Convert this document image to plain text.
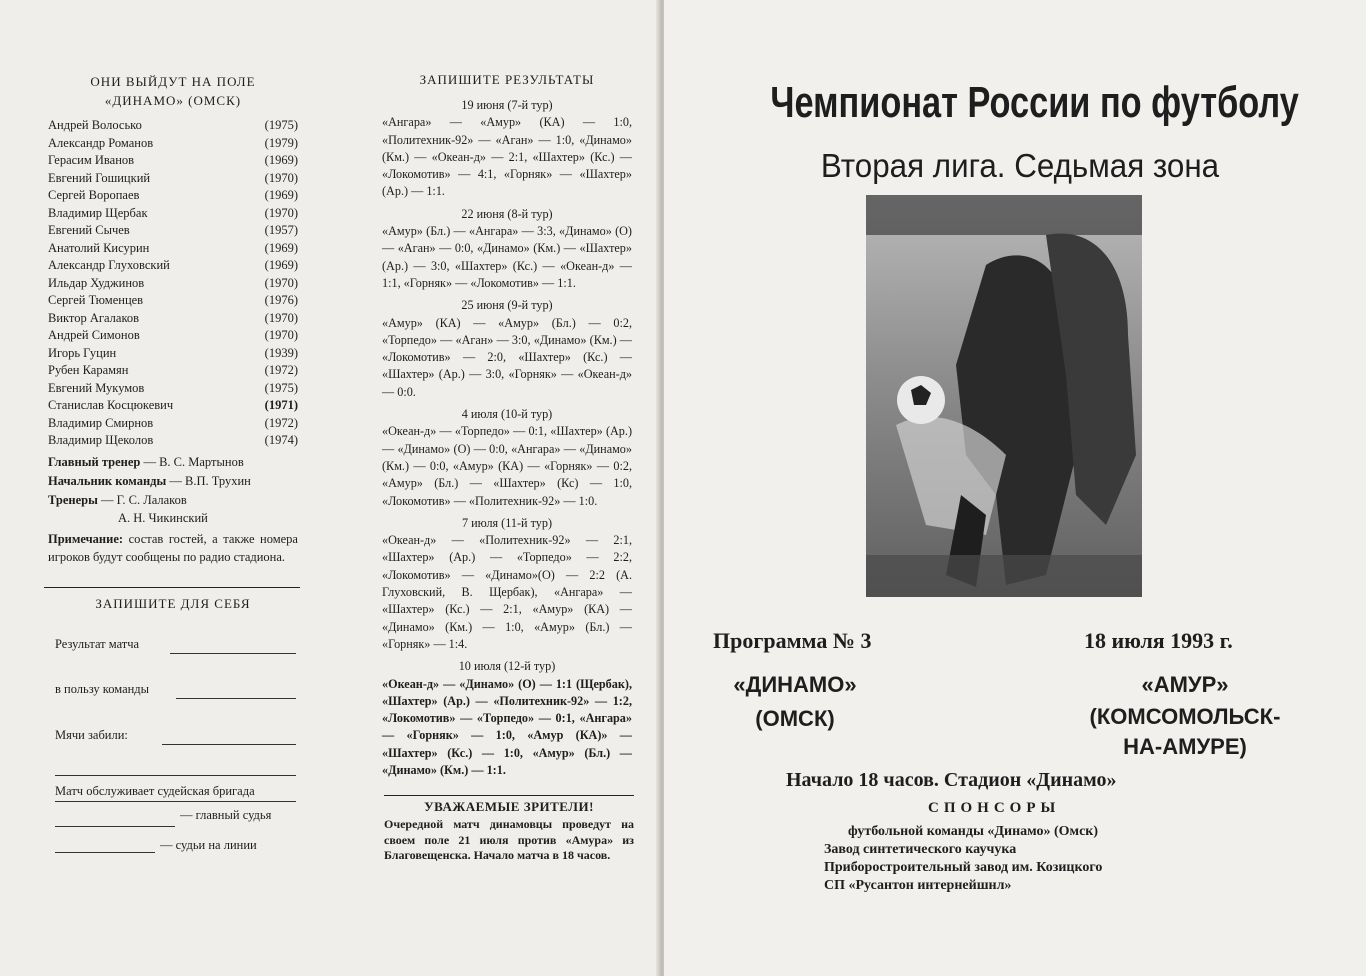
ОНИ ВЫЙДУТ НА ПОЛЕ
«ДИНАМО» (ОМСК)
Андрей Волосько	(1975)
Александр Романов	(1979)
Герасим Иванов	(1969)
Евгений Гошицкий	(1970)
Сергей Воропаев	(1969)
Владимир Щербак	(1970)
Евгений Сычев	(1957)
Анатолий Кисурин	(1969)
Александр Глуховский	(1969)
Ильдар Худжинов	(1970)
Сергей Тюменцев	(1976)
Виктор Агалаков	(1970)
Андрей Симонов	(1970)
Игорь Гуцин	(1939)
Рубен Карамян	(1972)
Евгений Мукумов	(1975)
Станислав Косцюкевич	(1971)
Владимир Смирнов	(1972)
Владимир Щеколов	(1974)
Главный тренер — В. С. Мартынов
Начальник команды — В.П. Трухин
Тренеры — Г. С. Лалаков
А. Н. Чикинский
Примечание: состав гостей, а также номера игроков будут сообщены по радио стадиона.
ЗАПИШИТЕ ДЛЯ СЕБЯ
Результат матча
в пользу команды
Мячи забили:
Матч обслуживает судейская бригада
— главный судья
— судьи на линии
ЗАПИШИТЕ РЕЗУЛЬТАТЫ
19 июня (7-й тур)
«Ангара» — «Амур» (КА) — 1:0, «Политехник-92» — «Аган» — 1:0, «Динамо» (Км.) — «Океан-д» — 2:1, «Шахтер» (Кс.) — «Локомотив» — 4:1, «Горняк» — «Шахтер» (Ар.) — 1:1.
22 июня (8-й тур)
«Амур» (Бл.) — «Ангара» — 3:3, «Динамо» (О) — «Аган» — 0:0, «Динамо» (Км.) — «Шахтер» (Ар.) — 3:0, «Шахтер» (Кс.) — «Океан-д» — 1:1, «Горняк» — «Локомотив» — 1:1.
25 июня (9-й тур)
«Амур» (КА) — «Амур» (Бл.) — 0:2, «Торпедо» — «Аган» — 3:0, «Динамо» (Км.) — «Локомотив» — 2:0, «Шахтер» (Кс.) — «Шахтер» (Ар.) — 3:0, «Горняк» — «Океан-д» — 0:0.
4 июля (10-й тур)
«Океан-д» — «Торпедо» — 0:1, «Шахтер» (Ар.) — «Динамо» (О) — 0:0, «Ангара» — «Динамо» (Км.) — 0:0, «Амур» (КА) — «Горняк» — 0:2, «Амур» (Бл.) — «Шахтер» (Кс) — 1:0, «Локомотив» — «Политехник-92» — 1:0.
7 июля (11-й тур)
«Океан-д» — «Политехник-92» — 2:1, «Шахтер» (Ар.) — «Торпедо» — 2:2, «Локомотив» — «Динамо»(О) — 2:2 (А. Глуховский, В. Щербак), «Ангара» — «Шахтер» (Кс.) — 2:1, «Амур» (КА) — «Динамо» (Км.) — 1:0, «Амур» (Бл.) — «Горняк» — 1:4.
10 июля (12-й тур)
«Океан-д» — «Динамо» (О) — 1:1 (Щербак), «Шахтер» (Ар.) — «Политехник-92» — 1:2, «Локомотив» — «Торпедо» — 0:1, «Ангара» — «Горняк» — 1:0, «Амур (КА)» — «Шахтер» (Кс.) — 1:0, «Амур» (Бл.) — «Динамо» (Км.) — 1:1.
УВАЖАЕМЫЕ ЗРИТЕЛИ!
Очередной матч динамовцы проведут на своем поле 21 июля против «Амура» из Благовещенска. Начало матча в 18 часов.
Чемпионат России по футболу
Вторая лига. Седьмая зона
Программа № 3	18 июля 1993 г.
«ДИНАМО»
(ОМСК)
«АМУР»
(КОМСОМОЛЬСК-
НА-АМУРЕ)
Начало 18 часов. Стадион «Динамо»
СПОНСОРЫ
футбольной команды «Динамо» (Омск)
Завод синтетического каучука
Приборостроительный завод им. Козицкого
СП «Русантон интернейшнл»
